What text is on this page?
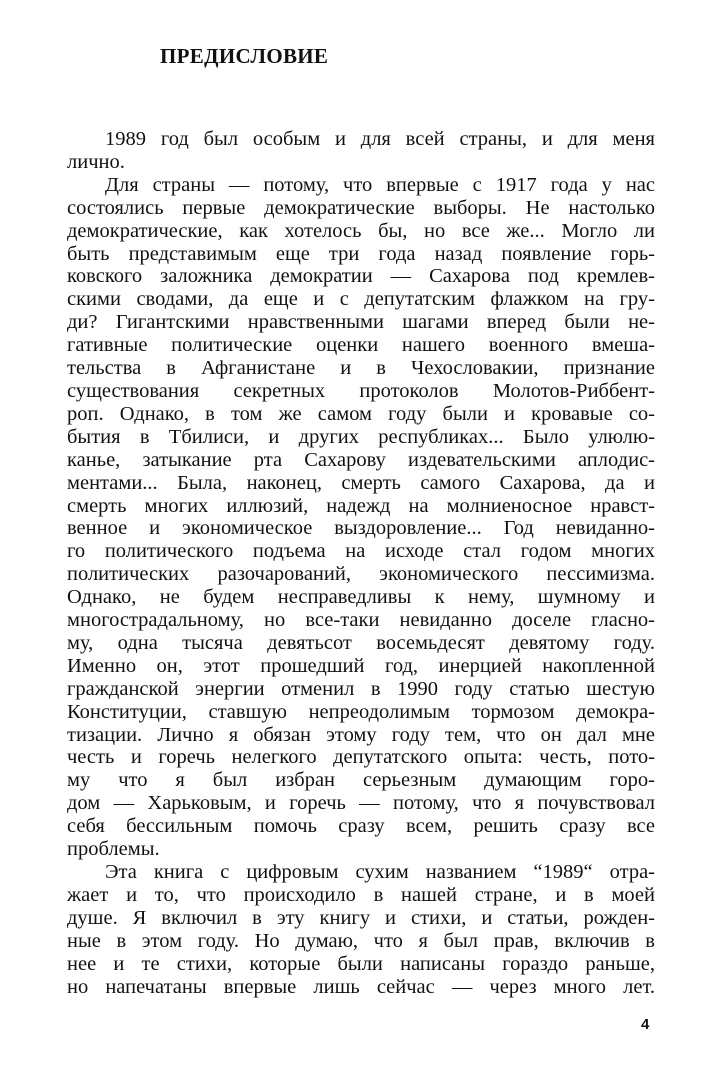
ПРЕДИСЛОВИЕ

1989 год был особым и для всей страны, и для меня
лично.

Для страны — потому, что впервые с 1917 года у нас
состоялись первые демократические выборы. Не настолько
демократические, как хотелось бы, но все же... Могло ли
быть представимым еще три года назад появление горь-
ковского заложника демократии — Сахарова под кремлев-
скими сводами, да еще и с депутатским флажком на гру-
ди? Гигантскими нравственными шагами вперед были не-
гативные политические оценки нашего военного вмеша-
тельства в Афганистане и в Чехословакии, признание
существования секретных протоколов Молотов-Риббент-
роп. Однако, в том же самом году были и кровавые со-
бытия в Тбилиси, и других республиках... Было улюлю-
канье, затыкание рта Сахарову издевательскими аплодис-
ментами... Была, наконец, смерть самого Сахарова, да и
смерть многих иллюзий, надежд на молниеносное нравст-
венное и экономическое выздоровление... Год невиданно-
го политического подъема на исходе стал годом многих
политических разочарований, экономического пессимизма.
Однако, не будем несправедливы к нему, шумному и
многострадальному, но все-таки невиданно доселе гласно-
му, одна тысяча девятьсот восемьдесят девятому году.
Именно он, этот прошедший год, инерцией накопленной
гражданской энергии отменил в 1990 году статью шестую
Конституции, ставшую непреодолимым тормозом демокра-
тизации. Лично я обязан этому году тем, что он дал мне
честь и горечь нелегкого депутатского опыта: честь, пото-
му что я был избран серьезным думающим горо-
дом — Харьковым, и горечь — потому, что я почувствовал
себя бессильным помочь сразу всем, решить сразу все
проблемы.

Эта книга с цифровым сухим названием “1989“ отра-
жает и то, что происходило в нашей стране, и в моей
душе. Я включил в эту книгу и стихи, и статьи, рожден-
ные в этом году. Но думаю, что я был прав, включив в
нее и те стихи, которые были написаны гораздо раньше,
но напечатаны впервые лишь сейчас — через много лет.

4
